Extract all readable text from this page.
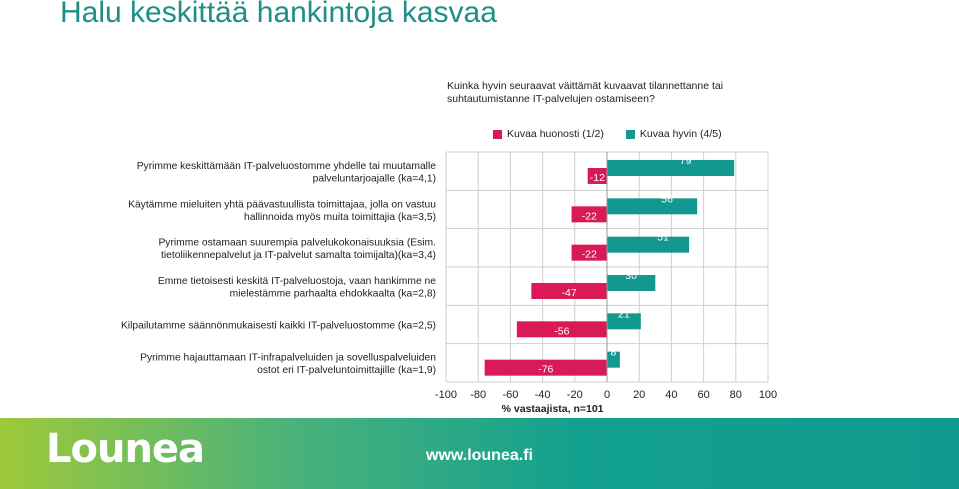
Halu keskittää hankintoja kasvaa
Kuinka hyvin seuraavat väittämät kuvaavat tilannettanne tai suhtautumistanne IT-palvelujen ostamiseen?
Kuvaa huonosti (1/2)	Kuvaa hyvin (4/5)
-100 -80 -60 -40 -20 0 20 40 60 80 100
% vastaajista, n=101
Pyrimme keskittämään IT-palveluostomme yhdelle tai muutamalle
palveluntarjoajalle (ka=4,1)
Käytämme mieluiten yhtä päävastuullista toimittajaa, jolla on vastuu
hallinnoida myös muita toimittajia (ka=3,5)
Pyrimme ostamaan suurempia palvelukokonaisuuksia (Esim.
tietoliikennepalvelut ja IT-palvelut samalta toimijalta)(ka=3,4)
Emme tietoisesti keskitä IT-palveluostoja, vaan hankimme ne
mielestämme parhaalta ehdokkaalta (ka=2,8)
Kilpailutamme säännönmukaisesti kaikki IT-palveluostomme (ka=2,5)
Pyrimme hajauttamaan IT-infrapalveluiden ja sovelluspalveluiden
ostot eri IT-palveluntoimittajille (ka=1,9)
79
-12
56
-22
51
-22
30
-47
21
-56
8
-76
Lounea	www.lounea.fi
